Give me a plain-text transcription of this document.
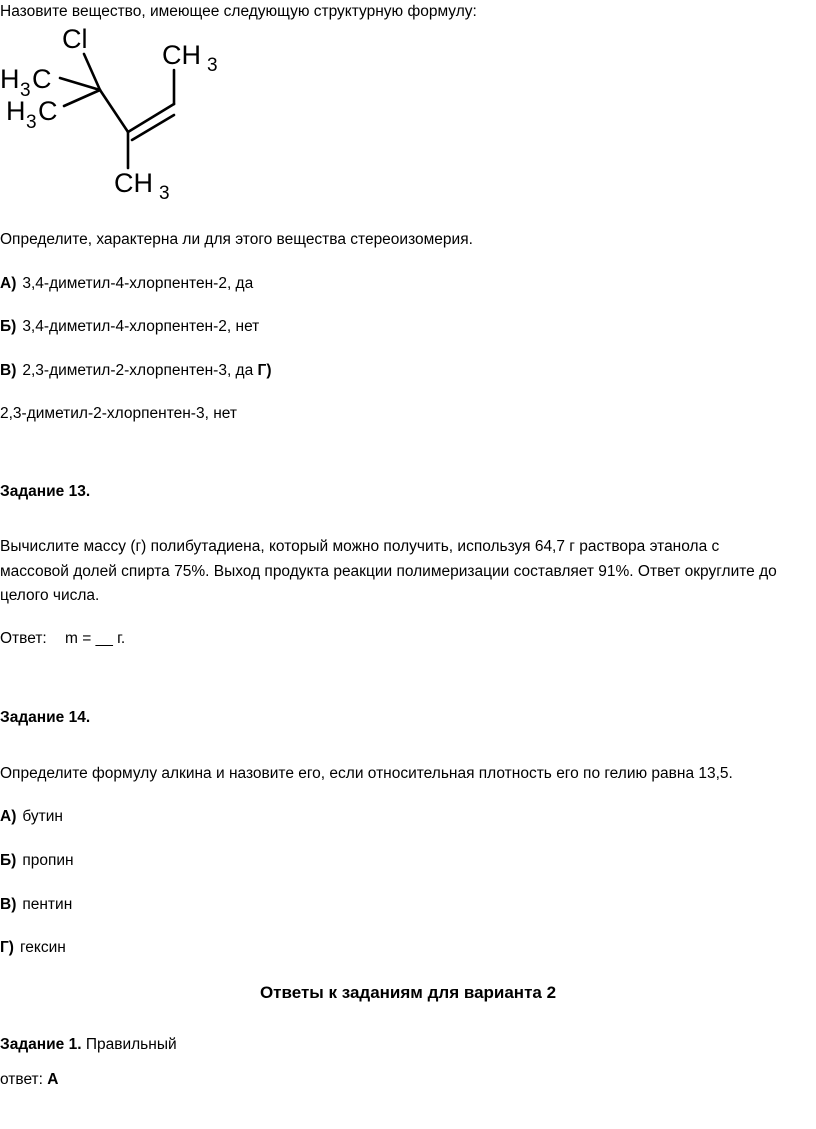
Назовите вещество, имеющее следующую структурную формулу:
Cl
CH 3
H 3 C
H 3 C
CH 3
Определите, характерна ли для этого вещества стереоизомерия.
А) 3,4-диметил-4-хлорпентен-2, да
Б) 3,4-диметил-4-хлорпентен-2, нет
В) 2,3-диметил-2-хлорпентен-3, да Г)
2,3-диметил-2-хлорпентен-3, нет
Задание 13.
Вычислите массу (г) полибутадиена, который можно получить, используя 64,7 г раствора этанола с
массовой долей спирта 75%. Выход продукта реакции полимеризации составляет 91%. Ответ округлите до
целого числа.
Ответ: m = __ г.
Задание 14.
Определите формулу алкина и назовите его, если относительная плотность его по гелию равна 13,5.
А) бутин
Б) пропин
В) пентин
Г) гексин
Ответы к заданиям для варианта 2
Задание 1. Правильный
ответ: А
